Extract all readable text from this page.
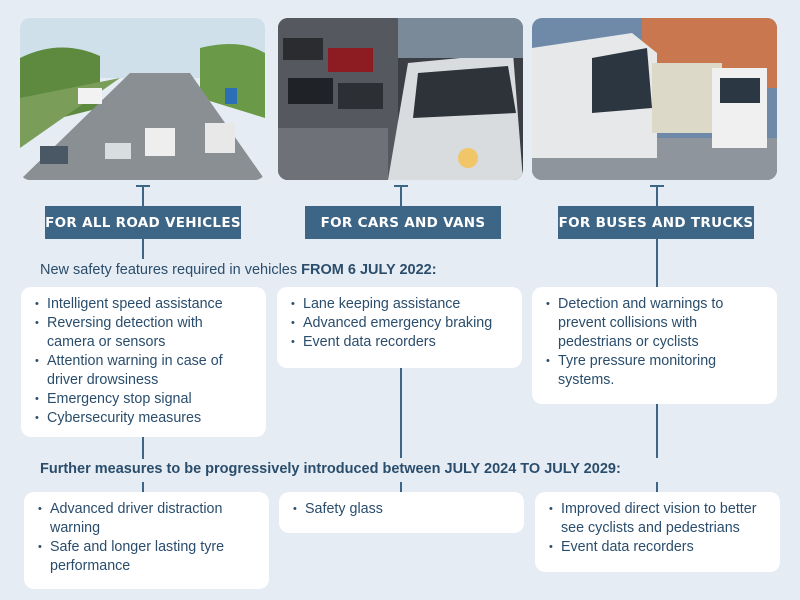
FOR ALL ROAD VEHICLES	FOR CARS AND VANS	FOR BUSES AND TRUCKS
New safety features required in vehicles FROM 6 JULY 2022:
• Intelligent speed assistance
• Reversing detection with camera or sensors
• Attention warning in case of driver drowsiness
• Emergency stop signal
• Cybersecurity measures
• Lane keeping assistance
• Advanced emergency braking
• Event data recorders
• Detection and warnings to prevent collisions with pedestrians or cyclists
• Tyre pressure monitoring systems.
Further measures to be progressively introduced between JULY 2024 TO JULY 2029:
• Advanced driver distraction warning
• Safe and longer lasting tyre performance
• Safety glass
•	Improved direct vision to better see cyclists and pedestrians
• Event data recorders
